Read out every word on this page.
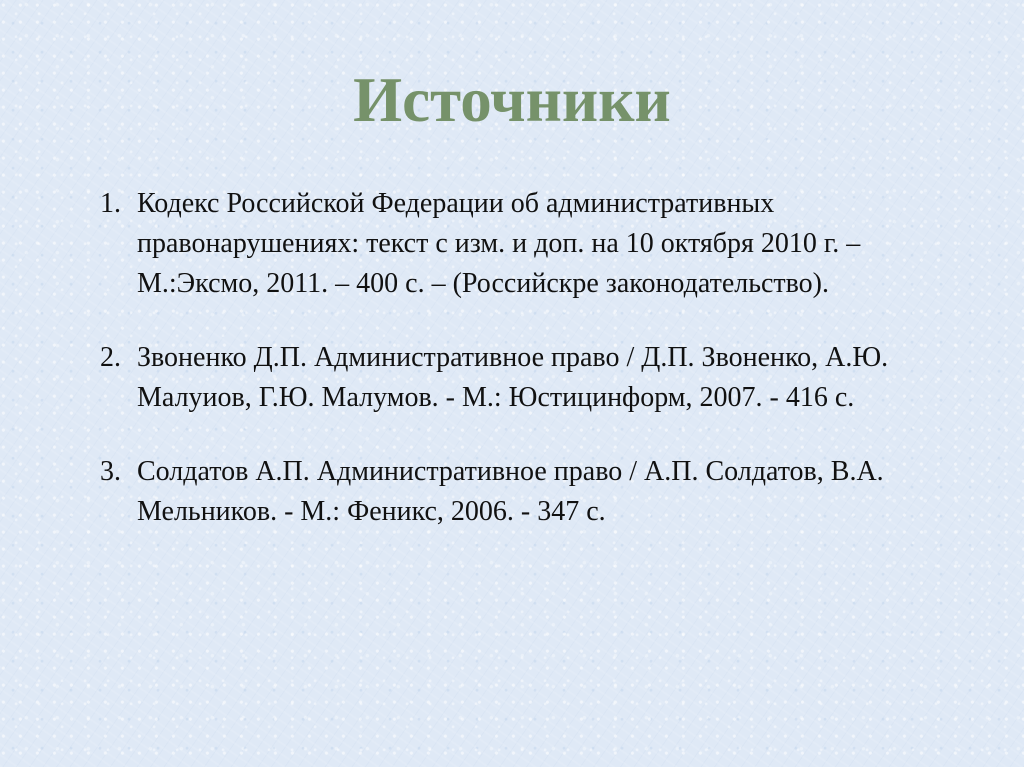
Источники
1. Кодекс Российской Федерации об административных правонарушениях: текст с изм. и доп. на 10 октября 2010 г. – М.:Эксмо, 2011. – 400 с. – (Российскре законодательство).
2. Звоненко Д.П. Административное право / Д.П. Звоненко, А.Ю. Малуиов, Г.Ю. Малумов. - М.: Юстицинформ, 2007. - 416 с.
3. Солдатов А.П. Административное право / А.П. Солдатов, В.А. Мельников. - М.: Феникс, 2006. - 347 с.
